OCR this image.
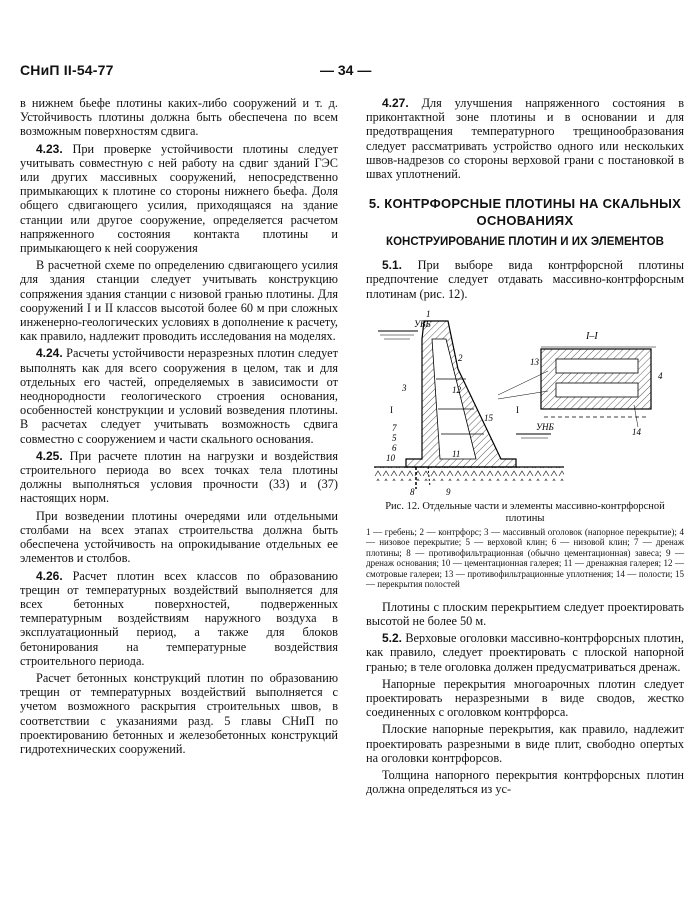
СНиП II-54-77	— 34 —

в нижнем бьефе плотины каких-либо сооружений и т. д. Устойчивость плотины должна быть обеспечена по всем возможным поверхностям сдвига.

4.23. При проверке устойчивости плотины следует учитывать совместную с ней работу на сдвиг зданий ГЭС или других массивных сооружений, непосредственно примыкающих к плотине со стороны нижнего бьефа. Доля общего сдвигающего усилия, приходящаяся на здание станции или другое сооружение, определяется расчетом напряженного состояния контакта плотины и примыкающего к ней сооружения

В расчетной схеме по определению сдвигающего усилия для здания станции следует учитывать конструкцию сопряжения здания станции с низовой гранью плотины. Для сооружений I и II классов высотой более 60 м при сложных инженерно-геологических условиях в дополнение к расчету, как правило, надлежит проводить исследования на моделях.

4.24. Расчеты устойчивости неразрезных плотин следует выполнять как для всего сооружения в целом, так и для отдельных его частей, определяемых в зависимости от неоднородности геологического строения основания, особенностей конструкции и условий возведения плотины. В расчетах следует учитывать возможность сдвига совместно с сооружением и части скального основания.

4.25. При расчете плотин на нагрузки и воздействия строительного периода во всех точках тела плотины должны выполняться условия прочности (33) и (37) настоящих норм.

При возведении плотины очередями или отдельными столбами на всех этапах строительства должна быть обеспечена устойчивость на опрокидывание отдельных ее элементов и столбов.

4.26. Расчет плотин всех классов по образованию трещин от температурных воздействий выполняется для всех бетонных поверхностей, подверженных температурным воздействиям наружного воздуха в эксплуатационный период, а также для блоков бетонирования на температурные воздействия строительного периода.

Расчет бетонных конструкций плотин по образованию трещин от температурных воздействий выполняется с учетом возможного раскрытия строительных швов, в соответствии с указаниями разд. 5 главы СНиП по проектированию бетонных и железобетонных конструкций гидротехнических сооружений.

4.27. Для улучшения напряженного состояния в приконтактной зоне плотины и в основании и для предотвращения температурного трещинообразования следует рассматривать устройство одного или нескольких швов-надрезов со стороны верховой грани с постановкой в швах уплотнений.

5. КОНТРФОРСНЫЕ ПЛОТИНЫ НА СКАЛЬНЫХ ОСНОВАНИЯХ
КОНСТРУИРОВАНИЕ ПЛОТИН И ИХ ЭЛЕМЕНТОВ

5.1. При выборе вида контрфорсной плотины предпочтение следует отдавать массивно-контрфорсным плотинам (рис. 12).

УВБ
УНБ
I–I
1
2
3
4
5
6
7
8	9
10	11
12
13
14
15
I	I
Рис. 12. Отдельные части и элементы массивно-контрфорсной плотины
1 — гребень; 2 — контрфорс; 3 — массивный оголовок (напорное перекрытие); 4 — низовое перекрытие; 5 — верховой клин; 6 — низовой клин; 7 — дренаж плотины; 8 — противофильтрационная (обычно цементационная) завеса; 9 — дренаж основания; 10 — цементационная галерея; 11 — дренажная галерея; 12 — смотровые галереи; 13 — противофильтрационные уплотнения; 14 — полости; 15 — перекрытия полостей

Плотины с плоским перекрытием следует проектировать высотой не более 50 м.

5.2. Верховые оголовки массивно-контрфорсных плотин, как правило, следует проектировать с плоской напорной гранью; в теле оголовка должен предусматриваться дренаж.

Напорные перекрытия многоарочных плотин следует проектировать неразрезными в виде сводов, жестко соединенных с оголовком контрфорса.

Плоские напорные перекрытия, как правило, надлежит проектировать разрезными в виде плит, свободно опертых на оголовки контрфорсов.

Толщина напорного перекрытия контрфорсных плотин должна определяться из ус-
